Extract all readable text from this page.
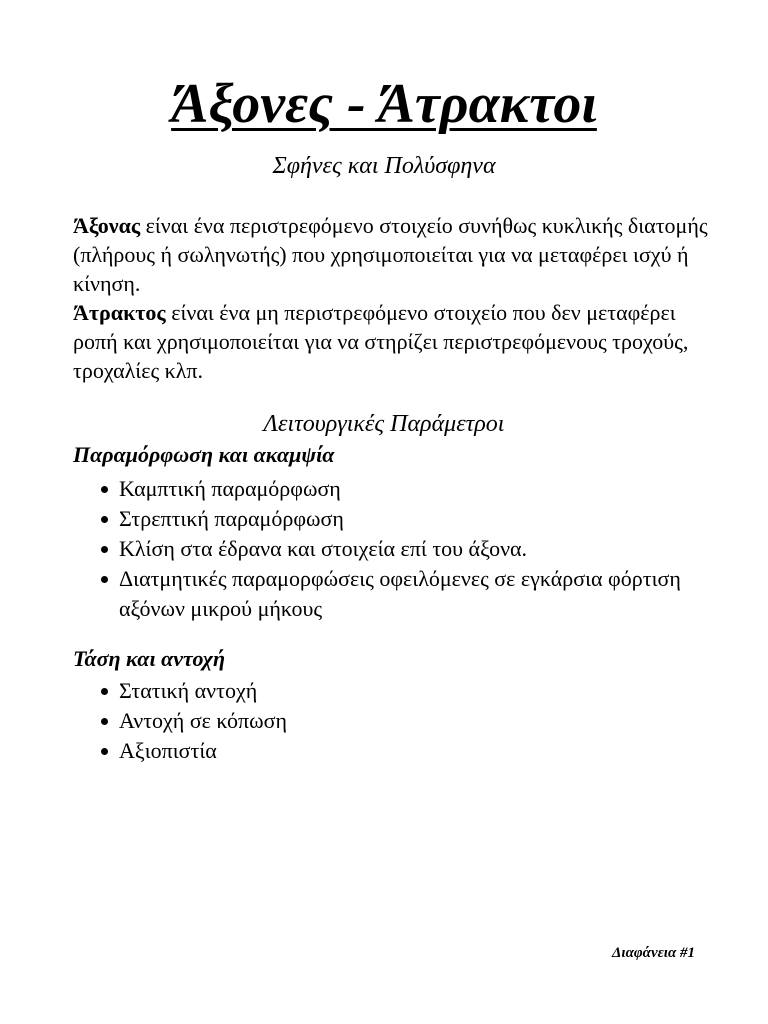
Άξονες - Άτρακτοι
Σφήνες και Πολύσφηνα

Άξονας είναι ένα περιστρεφόμενο στοιχείο συνήθως κυκλικής διατομής (πλήρους ή σωληνωτής) που χρησιμοποιείται για να μεταφέρει ισχύ ή κίνηση.

Άτρακτος είναι ένα μη περιστρεφόμενο στοιχείο που δεν μεταφέρει ροπή και χρησιμοποιείται για να στηρίζει περιστρεφόμενους τροχούς, τροχαλίες κλπ.

Λειτουργικές Παράμετροι
Παραμόρφωση και ακαμψία
Καμπτική παραμόρφωση
Στρεπτική παραμόρφωση
Κλίση στα έδρανα και στοιχεία επί του άξονα.
Διατμητικές παραμορφώσεις οφειλόμενες σε εγκάρσια φόρτιση αξόνων μικρού μήκους
Τάση και αντοχή
Στατική αντοχή
Αντοχή σε κόπωση
Αξιοπιστία
Διαφάνεια #1
